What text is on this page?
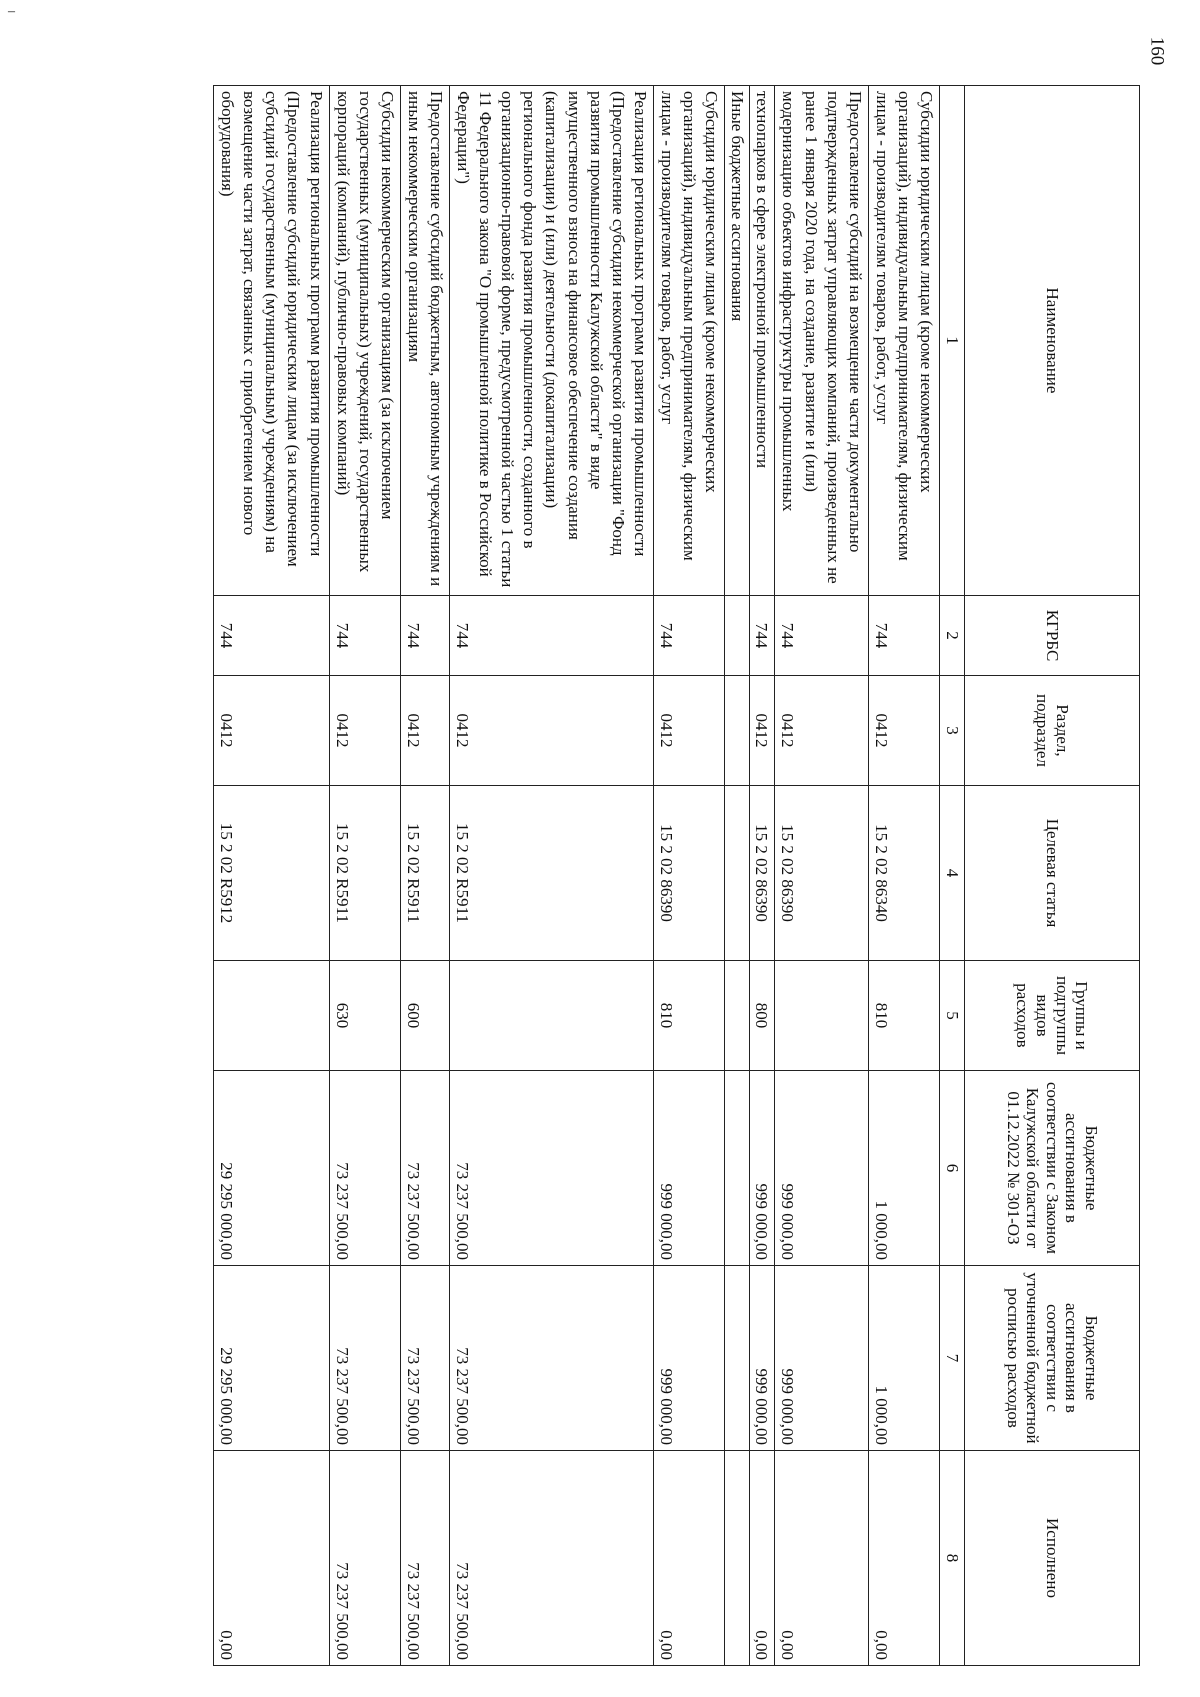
–
160
Наименование	КГРБС	Раздел, подраздел	Целевая статья	Группы и подгруппы видов расходов	Бюджетные ассигнования в соответствии с Законом Калужской области от 01.12.2022 № 301-ОЗ	Бюджетные ассигнования в соответствии с уточненной бюджетной росписью расходов	Исполнено
1	2	3	4	5	6	7	8
Субсидии юридическим лицам (кроме некоммерческих организаций), индивидуальным предпринимателям, физическим лицам - производителям товаров, работ, услуг	744	0412	15 2 02 86340	810	1 000,00	1 000,00	0,00
Предоставление субсидий на возмещение части документально подтвержденных затрат управляющих компаний, произведенных не ранее 1 января 2020 года, на создание, развитие и (или) модернизацию объектов инфраструктуры промышленных	744	0412	15 2 02 86390		999 000,00	999 000,00	0,00
технопарков в сфере электронной промышленности	744	0412	15 2 02 86390	800	999 000,00	999 000,00	0,00
Иные бюджетные ассигнования							
Субсидии юридическим лицам (кроме некоммерческих организаций), индивидуальным предпринимателям, физическим лицам - производителям товаров, работ, услуг	744	0412	15 2 02 86390	810	999 000,00	999 000,00	0,00
Реализация региональных программ развития промышленности (Предоставление субсидии некоммерческой организации "Фонд развития промышленности Калужской области" в виде имущественного взноса на финансовое обеспечение создания (капитализации) и (или) деятельности (докапитализации) регионального фонда развития промышленности, созданного в организационно-правовой форме, предусмотренной частью 1 статьи 11 Федерального закона "О промышленной политике в Российской Федерации")	744	0412	15 2 02 R5911		73 237 500,00	73 237 500,00	73 237 500,00
Предоставление субсидий бюджетным, автономным учреждениям и иным некоммерческим организациям	744	0412	15 2 02 R5911	600	73 237 500,00	73 237 500,00	73 237 500,00
Субсидии некоммерческим организациям (за исключением государственных (муниципальных) учреждений, государственных корпораций (компаний), публично-правовых компаний)	744	0412	15 2 02 R5911	630	73 237 500,00	73 237 500,00	73 237 500,00
Реализация региональных программ развития промышленности (Предоставление субсидий юридическим лицам (за исключением субсидий государственным (муниципальным) учреждениям) на возмещение части затрат, связанных с приобретением нового оборудования)	744	0412	15 2 02 R5912		29 295 000,00	29 295 000,00	0,00
